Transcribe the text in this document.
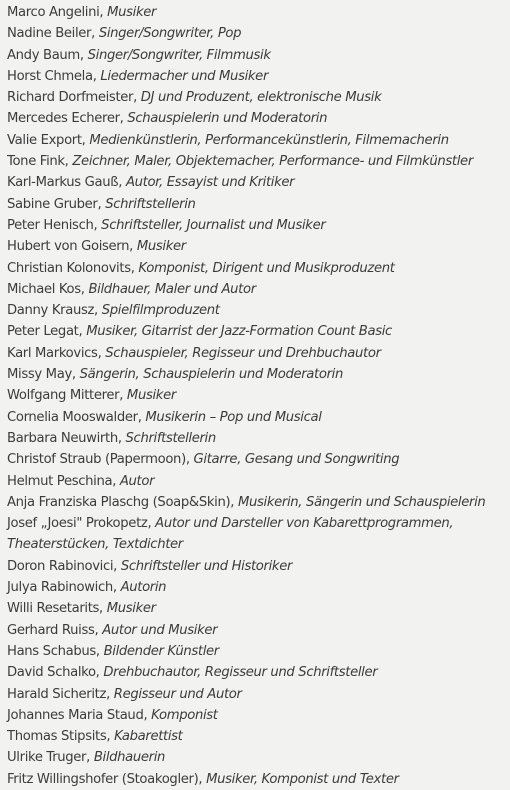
Marco Angelini, Musiker
Nadine Beiler, Singer/Songwriter, Pop
Andy Baum, Singer/Songwriter, Filmmusik
Horst Chmela, Liedermacher und Musiker
Richard Dorfmeister, DJ und Produzent, elektronische Musik
Mercedes Echerer, Schauspielerin und Moderatorin
Valie Export, Medienkünstlerin, Performancekünstlerin, Filmemacherin
Tone Fink, Zeichner, Maler, Objektemacher, Performance- und Filmkünstler
Karl-Markus Gauß, Autor, Essayist und Kritiker
Sabine Gruber, Schriftstellerin
Peter Henisch, Schriftsteller, Journalist und Musiker
Hubert von Goisern, Musiker
Christian Kolonovits, Komponist, Dirigent und Musikproduzent
Michael Kos, Bildhauer, Maler und Autor
Danny Krausz, Spielfilmproduzent
Peter Legat, Musiker, Gitarrist der Jazz-Formation Count Basic
Karl Markovics, Schauspieler, Regisseur und Drehbuchautor
Missy May, Sängerin, Schauspielerin und Moderatorin
Wolfgang Mitterer, Musiker
Cornelia Mooswalder, Musikerin – Pop und Musical
Barbara Neuwirth, Schriftstellerin
Christof Straub (Papermoon), Gitarre, Gesang und Songwriting
Helmut Peschina, Autor
Anja Franziska Plaschg (Soap&Skin), Musikerin, Sängerin und Schauspielerin
Josef „Joesi" Prokopetz, Autor und Darsteller von Kabarettprogrammen, Theaterstücken, Textdichter
Doron Rabinovici, Schriftsteller und Historiker
Julya Rabinowich, Autorin
Willi Resetarits, Musiker
Gerhard Ruiss, Autor und Musiker
Hans Schabus, Bildender Künstler
David Schalko, Drehbuchautor, Regisseur und Schriftsteller
Harald Sicheritz, Regisseur und Autor
Johannes Maria Staud, Komponist
Thomas Stipsits, Kabarettist
Ulrike Truger, Bildhauerin
Fritz Willingshofer (Stoakogler), Musiker, Komponist und Texter
